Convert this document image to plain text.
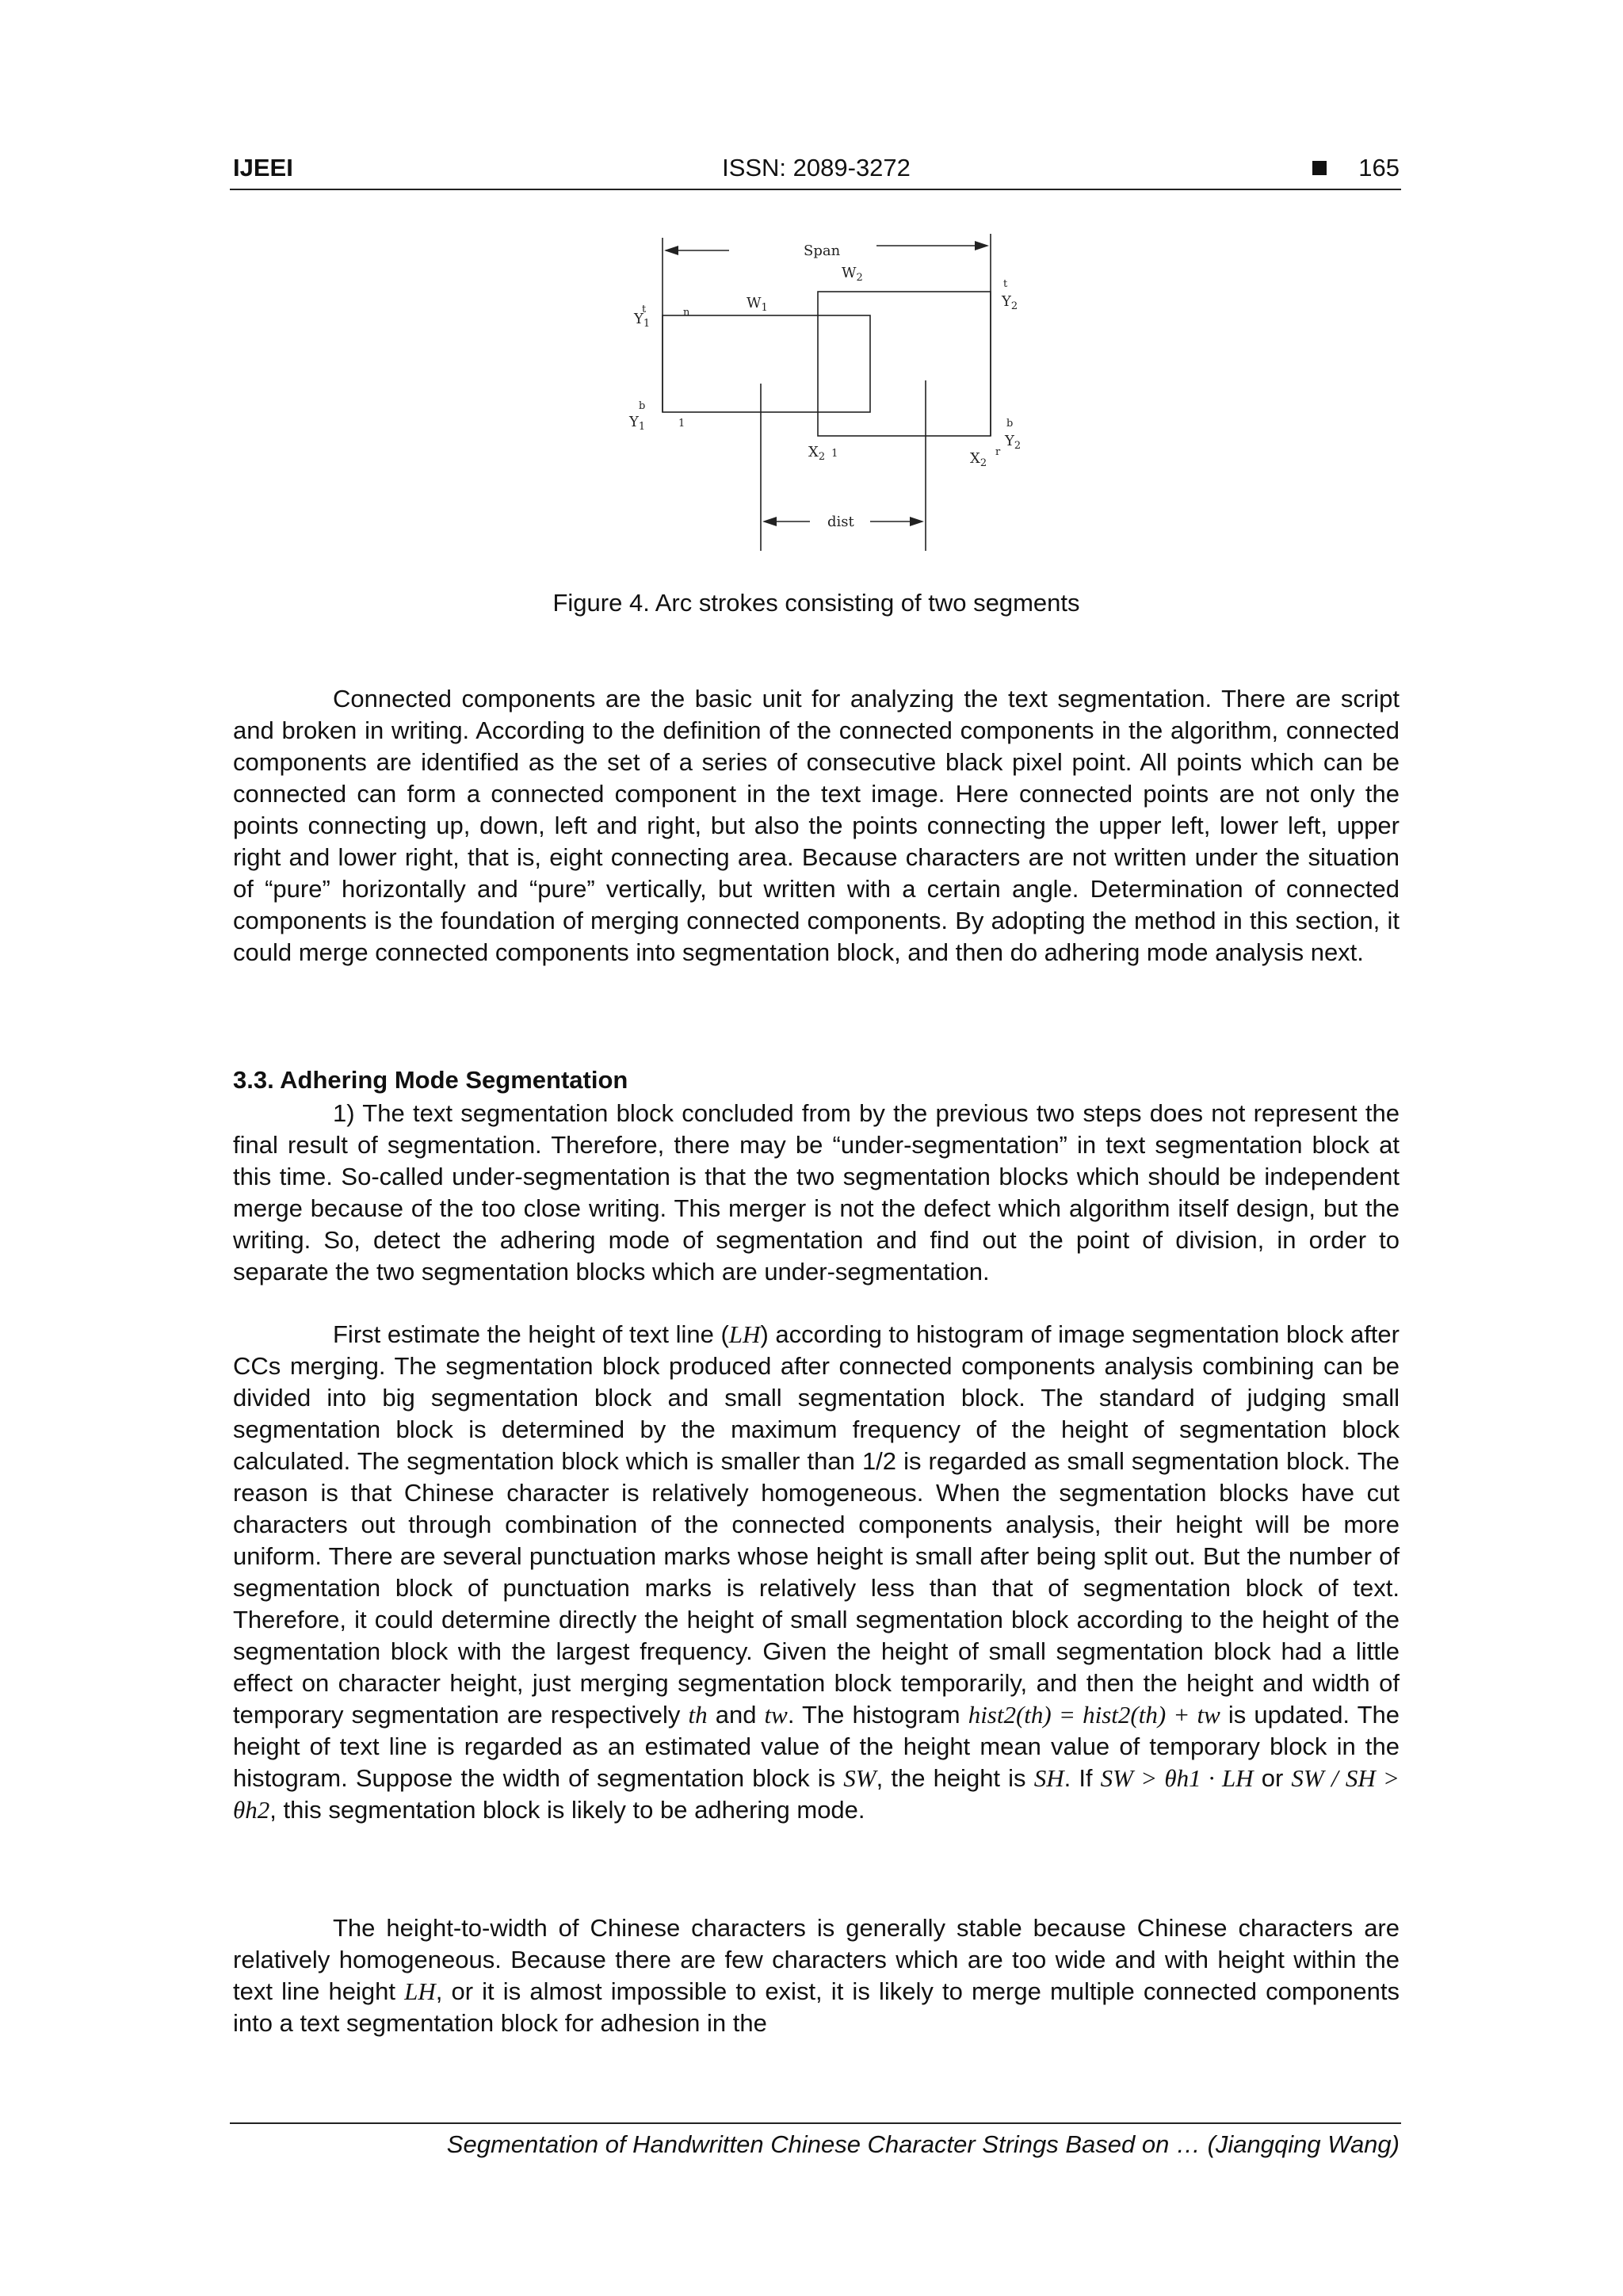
IJEEI	ISSN: 2089-3272	165
Span
$W_2$
$W_1$
$Y_1$
t	n
$Y_2$
t
$Y_1$
b
1
$Y_2$
b
$X_2$ $^1$	$X_2$
r
dist
Figure 4. Arc strokes consisting of two segments

Connected components are the basic unit for analyzing the text segmentation. There are script and broken in writing. According to the definition of the connected components in the algorithm, connected components are identified as the set of a series of consecutive black pixel point. All points which can be connected can form a connected component in the text image. Here connected points are not only the points connecting up, down, left and right, but also the points connecting the upper left, lower left, upper right and lower right, that is, eight connecting area. Because characters are not written under the situation of “pure” horizontally and “pure” vertically, but written with a certain angle. Determination of connected components is the foundation of merging connected components. By adopting the method in this section, it could merge connected components into segmentation block, and then do adhering mode analysis next.

3.3. Adhering Mode Segmentation

1) The text segmentation block concluded from by the previous two steps does not represent the final result of segmentation. Therefore, there may be “under-segmentation” in text segmentation block at this time. So-called under-segmentation is that the two segmentation blocks which should be independent merge because of the too close writing. This merger is not the defect which algorithm itself design, but the writing. So, detect the adhering mode of segmentation and find out the point of division, in order to separate the two segmentation blocks which are under-segmentation.

First estimate the height of text line (LH) according to histogram of image segmentation block after CCs merging. The segmentation block produced after connected components analysis combining can be divided into big segmentation block and small segmentation block. The standard of judging small segmentation block is determined by the maximum frequency of the height of segmentation block calculated. The segmentation block which is smaller than 1/2 is regarded as small segmentation block. The reason is that Chinese character is relatively homogeneous. When the segmentation blocks have cut characters out through combination of the connected components analysis, their height will be more uniform. There are several punctuation marks whose height is small after being split out. But the number of segmentation block of punctuation marks is relatively less than that of segmentation block of text. Therefore, it could determine directly the height of small segmentation block according to the height of the segmentation block with the largest frequency. Given the height of small segmentation block had a little effect on character height, just merging segmentation block temporarily, and then the height and width of temporary segmentation are respectively th and tw. The histogram hist2(th) = hist2(th) + tw is updated. The height of text line is regarded as an estimated value of the height mean value of temporary block in the histogram. Suppose the width of segmentation block is SW, the height is SH. If SW > θh1 · LH or SW / SH > θh2, this segmentation block is likely to be adhering mode.

The height-to-width of Chinese characters is generally stable because Chinese characters are relatively homogeneous. Because there are few characters which are too wide and with height within the text line height LH, or it is almost impossible to exist, it is likely to merge multiple connected components into a text segmentation block for adhesion in the

Segmentation of Handwritten Chinese Character Strings Based on … (Jiangqing Wang)
